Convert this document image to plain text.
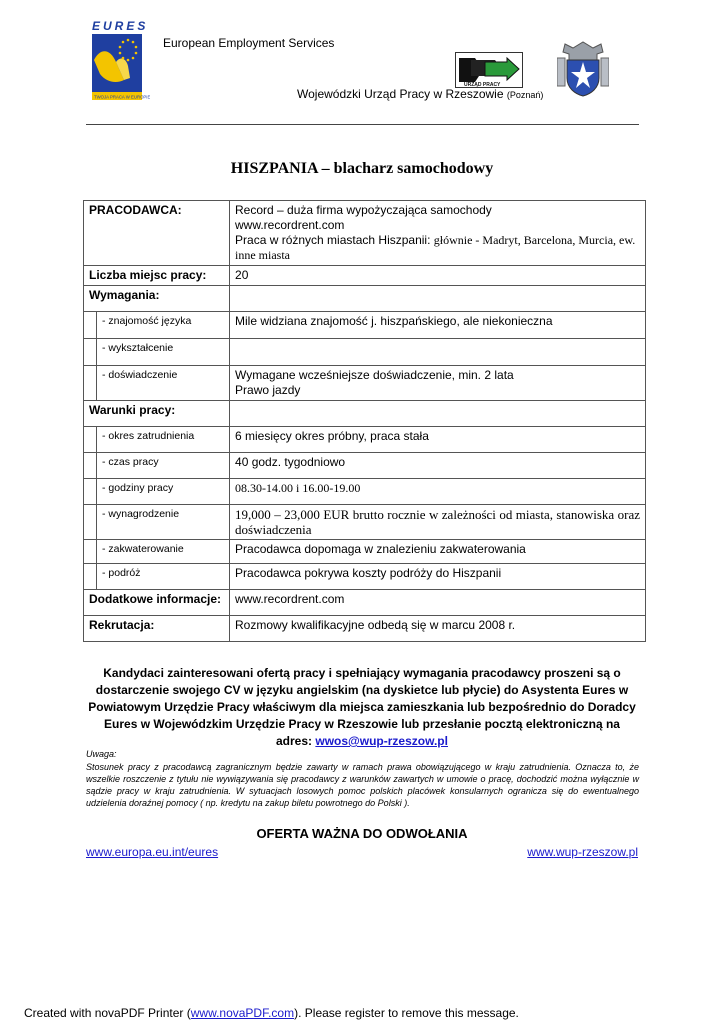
EURES
TWOJA PRACA W EUROPIE
European Employment Services
URZĄD PRACY
Wojewódzki Urząd Pracy w Rzeszowie (Poznań)
HISZPANIA – blacharz samochodowy
PRACODAWCA:		Record – duża firma wypożyczająca samochody
www.recordrent.com
Praca w różnych miastach Hiszpanii: głównie - Madryt, Barcelona, Murcia, ew. inne miasta

Liczba miejsc pracy:		20
Wymagania:		
	- znajomość języka	Mile widziana znajomość j. hiszpańskiego, ale niekonieczna
	- wykształcenie	
	- doświadczenie	Wymagane wcześniejsze doświadczenie, min. 2 lata
Prawo jazdy

Warunki pracy:		
	- okres zatrudnienia	6 miesięcy okres próbny, praca stała
	- czas pracy	40 godz. tygodniowo
	- godziny pracy	08.30-14.00 i 16.00-19.00
	- wynagrodzenie	19,000 – 23,000 EUR brutto rocznie w zależności od miasta, stanowiska oraz doświadczenia
	- zakwaterowanie	Pracodawca dopomaga w znalezieniu zakwaterowania
	- podróż	Pracodawca pokrywa koszty podróży do Hiszpanii
Dodatkowe informacje:		www.recordrent.com
Rekrutacja:		Rozmowy kwalifikacyjne odbedą się w marcu 2008 r.
Kandydaci zainteresowani ofertą pracy i spełniający wymagania pracodawcy proszeni są o dostarczenie swojego CV w języku angielskim (na dyskietce lub płycie) do Asystenta Eures w Powiatowym Urzędzie Pracy właściwym dla miejsca zamieszkania lub bezpośrednio do Doradcy Eures w Wojewódzkim Urzędzie Pracy w Rzeszowie lub przesłanie pocztą elektroniczną na
adres: wwos@wup-rzeszow.pl
Uwaga:
Stosunek pracy z pracodawcą zagranicznym będzie zawarty w ramach prawa obowiązującego w kraju zatrudnienia. Oznacza to, że wszelkie roszczenie z tytułu nie wywiązywania się pracodawcy z warunków zawartych w umowie o pracę, dochodzić można wyłącznie w sądzie pracy w kraju zatrudnienia. W sytuacjach losowych pomoc polskich placówek konsularnych ogranicza się do ewentualnego udzielenia doraźnej pomocy ( np. kredytu na zakup biletu powrotnego do Polski ).
OFERTA WAŻNA DO ODWOŁANIA
www.europa.eu.int/eures	www.wup-rzeszow.pl
Created with novaPDF Printer (www.novaPDF.com). Please register to remove this message.
